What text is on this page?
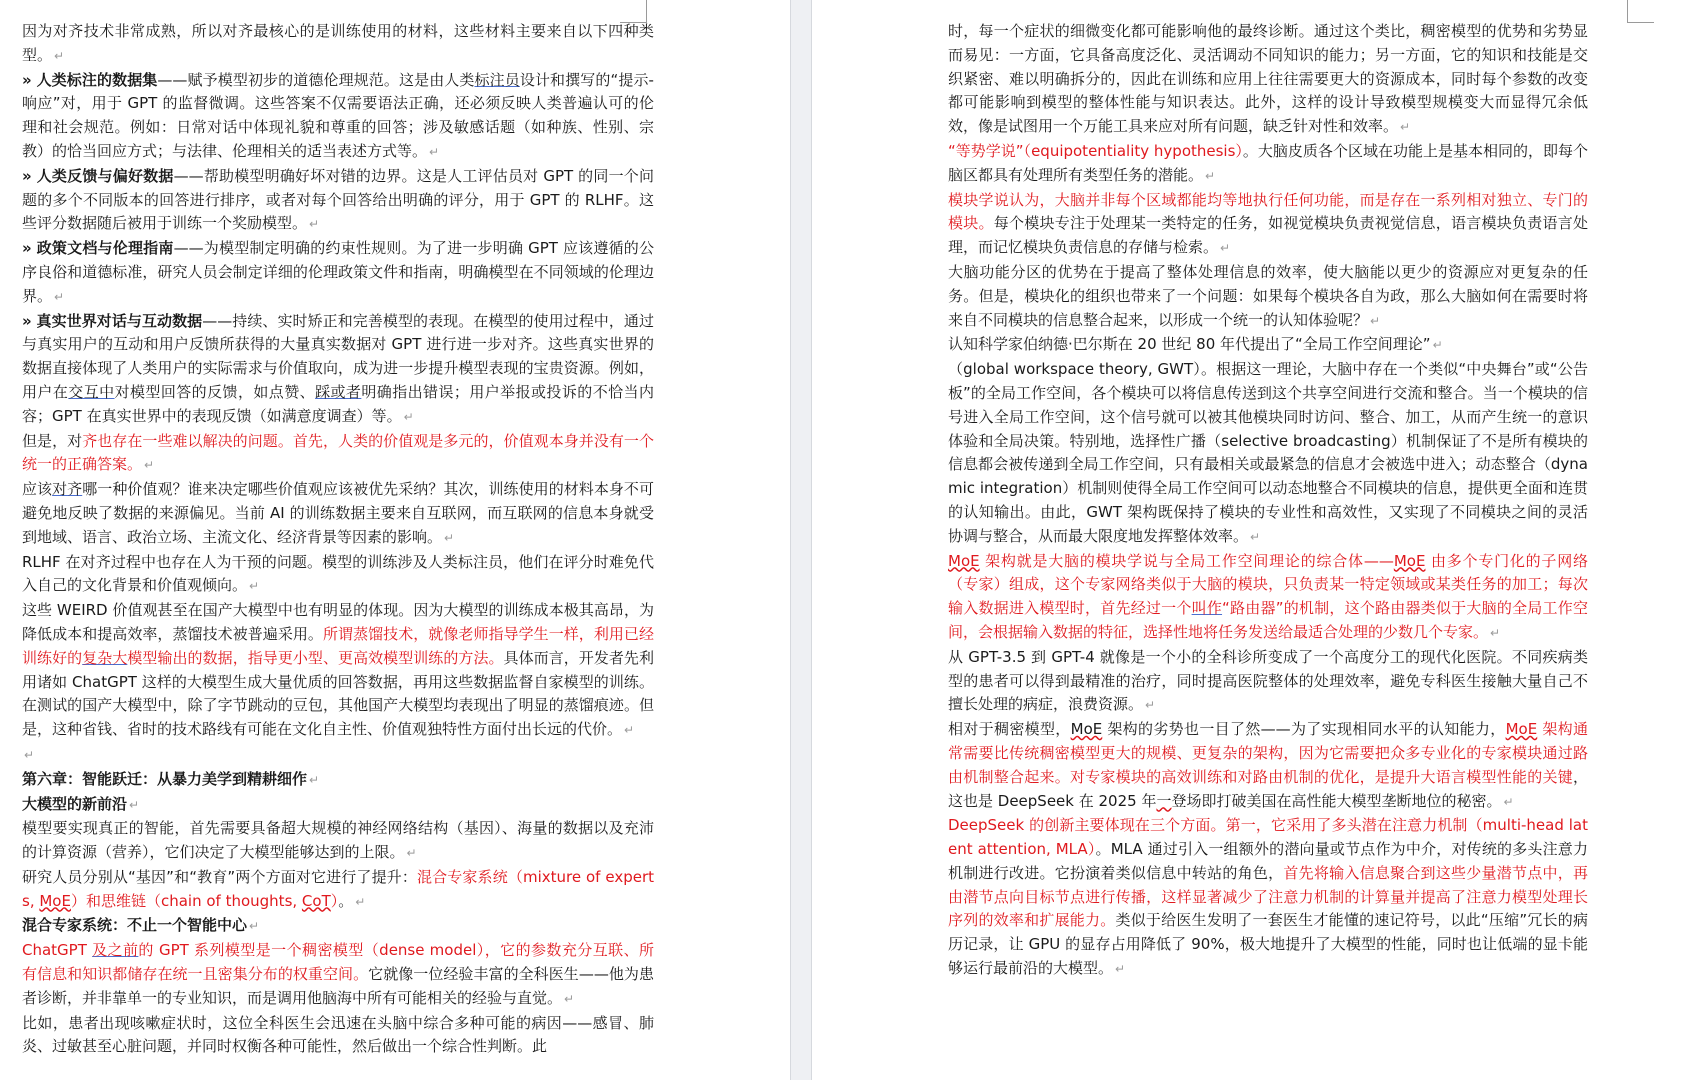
因为对齐技术非常成熟，所以对齐最核心的是训练使用的材料，这些材料主要来自以下四种类型。 ↵

» 人类标注的数据集——赋予模型初步的道德伦理规范。这是由人类标注员设计和撰写的“提示-响应”对，用于 GPT 的监督微调。这些答案不仅需要语法正确，还必须反映人类普遍认可的伦理和社会规范。例如：日常对话中体现礼貌和尊重的回答；涉及敏感话题（如种族、性别、宗教）的恰当回应方式；与法律、伦理相关的适当表述方式等。 ↵

» 人类反馈与偏好数据——帮助模型明确好坏对错的边界。这是人工评估员对 GPT 的同一个问题的多个不同版本的回答进行排序，或者对每个回答给出明确的评分，用于 GPT 的 RLHF。这些评分数据随后被用于训练一个奖励模型。 ↵

» 政策文档与伦理指南——为模型制定明确的约束性规则。为了进一步明确 GPT 应该遵循的公序良俗和道德标准，研究人员会制定详细的伦理政策文件和指南，明确模型在不同领域的伦理边界。 ↵

» 真实世界对话与互动数据——持续、实时矫正和完善模型的表现。在模型的使用过程中，通过与真实用户的互动和用户反馈所获得的大量真实数据对 GPT 进行进一步对齐。这些真实世界的数据直接体现了人类用户的实际需求与价值取向，成为进一步提升模型表现的宝贵资源。例如，用户在交互中对模型回答的反馈，如点赞、踩或者明确指出错误；用户举报或投诉的不恰当内容；GPT 在真实世界中的表现反馈（如满意度调查）等。 ↵

但是，对齐也存在一些难以解决的问题。首先，人类的价值观是多元的，价值观本身并没有一个统一的正确答案。 ↵

应该对齐哪一种价值观？谁来决定哪些价值观应该被优先采纳？其次，训练使用的材料本身不可避免地反映了数据的来源偏见。当前 AI 的训练数据主要来自互联网，而互联网的信息本身就受到地域、语言、政治立场、主流文化、经济背景等因素的影响。 ↵

RLHF 在对齐过程中也存在人为干预的问题。模型的训练涉及人类标注员，他们在评分时难免代入自己的文化背景和价值观倾向。 ↵

这些 WEIRD 价值观甚至在国产大模型中也有明显的体现。因为大模型的训练成本极其高昂，为降低成本和提高效率，蒸馏技术被普遍采用。所谓蒸馏技术，就像老师指导学生一样，利用已经训练好的复杂大模型输出的数据，指导更小型、更高效模型训练的方法。具体而言，开发者先利用诸如 ChatGPT 这样的大模型生成大量优质的回答数据，再用这些数据监督自家模型的训练。在测试的国产大模型中，除了字节跳动的豆包，其他国产大模型均表现出了明显的蒸馏痕迹。但是，这种省钱、省时的技术路线有可能在文化自主性、价值观独特性方面付出长远的代价。 ↵

↵

第六章：智能跃迁：从暴力美学到精耕细作 ↵

大模型的新前沿 ↵

模型要实现真正的智能，首先需要具备超大规模的神经网络结构（基因）、海量的数据以及充沛的计算资源（营养），它们决定了大模型能够达到的上限。 ↵

研究人员分别从“基因”和“教育”两个方面对它进行了提升：混合专家系统（mixture of experts, MoE）和思维链（chain of thoughts, CoT）。 ↵

混合专家系统：不止一个智能中心 ↵

ChatGPT 及之前的 GPT 系列模型是一个稠密模型（dense model），它的参数充分互联、所有信息和知识都储存在统一且密集分布的权重空间。它就像一位经验丰富的全科医生——他为患者诊断，并非靠单一的专业知识，而是调用他脑海中所有可能相关的经验与直觉。 ↵

比如，患者出现咳嗽症状时，这位全科医生会迅速在头脑中综合多种可能的病因——感冒、肺炎、过敏甚至心脏问题，并同时权衡各种可能性，然后做出一个综合性判断。此

时，每一个症状的细微变化都可能影响他的最终诊断。通过这个类比，稠密模型的优势和劣势显而易见：一方面，它具备高度泛化、灵活调动不同知识的能力；另一方面，它的知识和技能是交织紧密、难以明确拆分的，因此在训练和应用上往往需要更大的资源成本，同时每个参数的改变都可能影响到模型的整体性能与知识表达。此外，这样的设计导致模型规模变大而显得冗余低效，像是试图用一个万能工具来应对所有问题，缺乏针对性和效率。 ↵

“等势学说”（equipotentiality hypothesis）。大脑皮质各个区域在功能上是基本相同的，即每个脑区都具有处理所有类型任务的潜能。 ↵

模块学说认为，大脑并非每个区域都能均等地执行任何功能，而是存在一系列相对独立、专门的模块。每个模块专注于处理某一类特定的任务，如视觉模块负责视觉信息，语言模块负责语言处理，而记忆模块负责信息的存储与检索。 ↵

大脑功能分区的优势在于提高了整体处理信息的效率，使大脑能以更少的资源应对更复杂的任务。但是，模块化的组织也带来了一个问题：如果每个模块各自为政，那么大脑如何在需要时将来自不同模块的信息整合起来，以形成一个统一的认知体验呢？ ↵

认知科学家伯纳德·巴尔斯在 20 世纪 80 年代提出了“全局工作空间理论” ↵

（global workspace theory, GWT）。根据这一理论，大脑中存在一个类似“中央舞台”或“公告板”的全局工作空间，各个模块可以将信息传送到这个共享空间进行交流和整合。当一个模块的信号进入全局工作空间，这个信号就可以被其他模块同时访问、整合、加工，从而产生统一的意识体验和全局决策。特别地，选择性广播（selective broadcasting）机制保证了不是所有模块的信息都会被传递到全局工作空间，只有最相关或最紧急的信息才会被选中进入；动态整合（dynamic integration）机制则使得全局工作空间可以动态地整合不同模块的信息，提供更全面和连贯的认知输出。由此，GWT 架构既保持了模块的专业性和高效性，又实现了不同模块之间的灵活协调与整合，从而最大限度地发挥整体效率。 ↵

MoE 架构就是大脑的模块学说与全局工作空间理论的综合体——MoE 由多个专门化的子网络（专家）组成，这个专家网络类似于大脑的模块，只负责某一特定领域或某类任务的加工；每次输入数据进入模型时，首先经过一个叫作“路由器”的机制，这个路由器类似于大脑的全局工作空间，会根据输入数据的特征，选择性地将任务发送给最适合处理的少数几个专家。 ↵

从 GPT-3.5 到 GPT-4 就像是一个小的全科诊所变成了一个高度分工的现代化医院。不同疾病类型的患者可以得到最精准的治疗，同时提高医院整体的处理效率，避免专科医生接触大量自己不擅长处理的病症，浪费资源。 ↵

相对于稠密模型，MoE 架构的劣势也一目了然——为了实现相同水平的认知能力，MoE 架构通常需要比传统稠密模型更大的规模、更复杂的架构，因为它需要把众多专业化的专家模块通过路由机制整合起来。对专家模块的高效训练和对路由机制的优化，是提升大语言模型性能的关键，这也是 DeepSeek 在 2025 年一登场即打破美国在高性能大模型垄断地位的秘密。 ↵

DeepSeek 的创新主要体现在三个方面。第一，它采用了多头潜在注意力机制（multi-head latent attention, MLA）。MLA 通过引入一组额外的潜向量或节点作为中介，对传统的多头注意力机制进行改进。它扮演着类似信息中转站的角色，首先将输入信息聚合到这些少量潜节点中，再由潜节点向目标节点进行传播，这样显著减少了注意力机制的计算量并提高了注意力模型处理长序列的效率和扩展能力。类似于给医生发明了一套医生才能懂的速记符号，以此“压缩”冗长的病历记录，让 GPU 的显存占用降低了 90%，极大地提升了大模型的性能，同时也让低端的显卡能够运行最前沿的大模型。 ↵
